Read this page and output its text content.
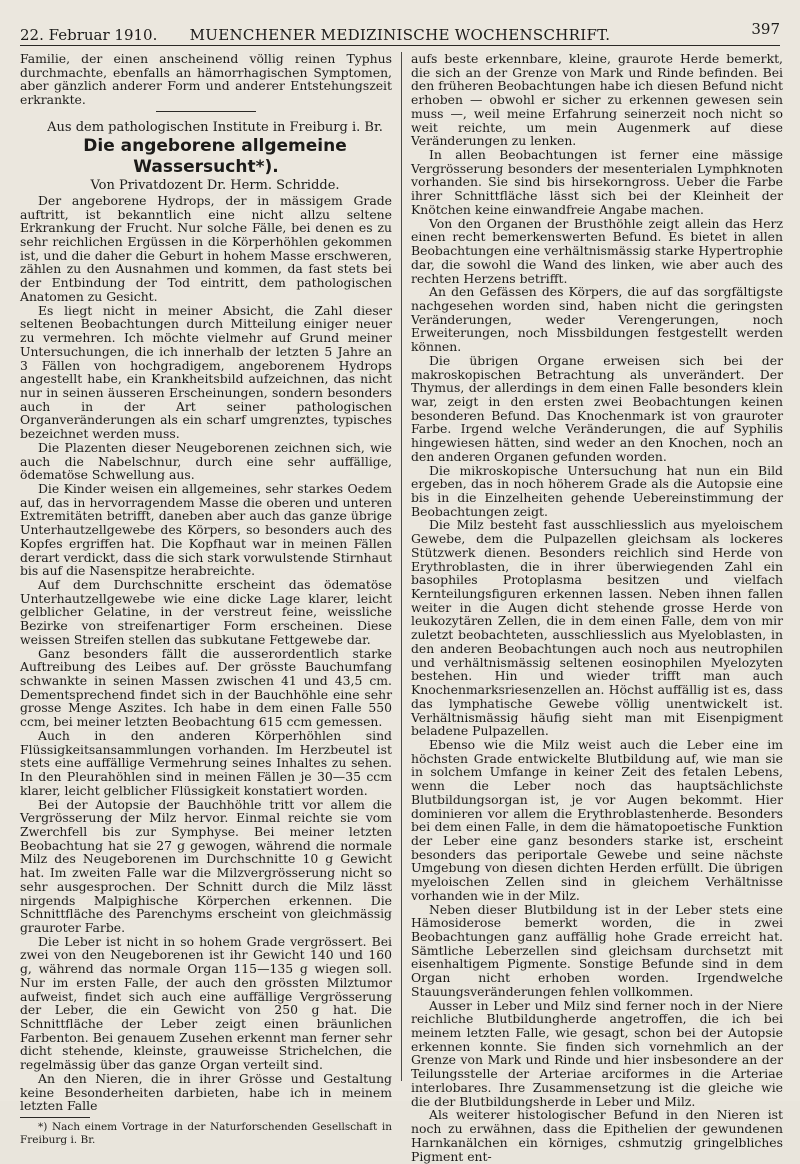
22. Februar 1910.	MUENCHENER MEDIZINISCHE WOCHENSCHRIFT.	397

Familie, der einen anscheinend völlig reinen Typhus durchmachte, ebenfalls an hämorrhagischen Symptomen, aber gänzlich anderer Form und anderer Entstehungszeit erkrankte.

Aus dem pathologischen Institute in Freiburg i. Br.

Die angeborene allgemeine Wassersucht*).

Von Privatdozent Dr. Herm. Schridde.

Der angeborene Hydrops, der in mässigem Grade auftritt, ist bekanntlich eine nicht allzu seltene Erkrankung der Frucht. Nur solche Fälle, bei denen es zu sehr reichlichen Ergüssen in die Körperhöhlen gekommen ist, und die daher die Geburt in hohem Masse erschweren, zählen zu den Ausnahmen und kommen, da fast stets bei der Entbindung der Tod eintritt, dem pathologischen Anatomen zu Gesicht.

Es liegt nicht in meiner Absicht, die Zahl dieser seltenen Beobachtungen durch Mitteilung einiger neuer zu vermehren. Ich möchte vielmehr auf Grund meiner Untersuchungen, die ich innerhalb der letzten 5 Jahre an 3 Fällen von hochgradigem, angeborenem Hydrops angestellt habe, ein Krankheitsbild aufzeichnen, das nicht nur in seinen äusseren Erscheinungen, sondern besonders auch in der Art seiner pathologischen Organveränderungen als ein scharf umgrenztes, typisches bezeichnet werden muss.

Die Plazenten dieser Neugeborenen zeichnen sich, wie auch die Nabelschnur, durch eine sehr auffällige, ödematöse Schwellung aus.

Die Kinder weisen ein allgemeines, sehr starkes Oedem auf, das in hervorragendem Masse die oberen und unteren Extremitäten betrifft, daneben aber auch das ganze übrige Unterhautzellgewebe des Körpers, so besonders auch des Kopfes ergriffen hat. Die Kopfhaut war in meinen Fällen derart verdickt, dass die sich stark vorwulstende Stirnhaut bis auf die Nasenspitze herabreichte.

Auf dem Durchschnitte erscheint das ödematöse Unterhautzellgewebe wie eine dicke Lage klarer, leicht gelblicher Gelatine, in der verstreut feine, weissliche Bezirke von streifenartiger Form erscheinen. Diese weissen Streifen stellen das subkutane Fettgewebe dar.

Ganz besonders fällt die ausserordentlich starke Auftreibung des Leibes auf. Der grösste Bauchumfang schwankte in seinen Massen zwischen 41 und 43,5 cm. Dementsprechend findet sich in der Bauchhöhle eine sehr grosse Menge Aszites. Ich habe in dem einen Falle 550 ccm, bei meiner letzten Beobachtung 615 ccm gemessen.

Auch in den anderen Körperhöhlen sind Flüssigkeitsansammlungen vorhanden. Im Herzbeutel ist stets eine auffällige Vermehrung seines Inhaltes zu sehen. In den Pleurahöhlen sind in meinen Fällen je 30—35 ccm klarer, leicht gelblicher Flüssigkeit konstatiert worden.

Bei der Autopsie der Bauchhöhle tritt vor allem die Vergrösserung der Milz hervor. Einmal reichte sie vom Zwerchfell bis zur Symphyse. Bei meiner letzten Beobachtung hat sie 27 g gewogen, während die normale Milz des Neugeborenen im Durchschnitte 10 g Gewicht hat. Im zweiten Falle war die Milzvergrösserung nicht so sehr ausgesprochen. Der Schnitt durch die Milz lässt nirgends Malpighische Körperchen erkennen. Die Schnittfläche des Parenchyms erscheint von gleichmässig grauroter Farbe.

Die Leber ist nicht in so hohem Grade vergrössert. Bei zwei von den Neugeborenen ist ihr Gewicht 140 und 160 g, während das normale Organ 115—135 g wiegen soll. Nur im ersten Falle, der auch den grössten Milztumor aufweist, findet sich auch eine auffällige Vergrösserung der Leber, die ein Gewicht von 250 g hat. Die Schnittfläche der Leber zeigt einen bräunlichen Farbenton. Bei genauem Zusehen erkennt man ferner sehr dicht stehende, kleinste, grauweisse Strichelchen, die regelmässig über das ganze Organ verteilt sind.

An den Nieren, die in ihrer Grösse und Gestaltung keine Besonderheiten darbieten, habe ich in meinem letzten Falle

*) Nach einem Vortrage in der Naturforschenden Gesellschaft in Freiburg i. Br.

aufs beste erkennbare, kleine, graurote Herde bemerkt, die sich an der Grenze von Mark und Rinde befinden. Bei den früheren Beobachtungen habe ich diesen Befund nicht erhoben — obwohl er sicher zu erkennen gewesen sein muss —, weil meine Erfahrung seinerzeit noch nicht so weit reichte, um mein Augenmerk auf diese Veränderungen zu lenken.

In allen Beobachtungen ist ferner eine mässige Vergrösserung besonders der mesenterialen Lymphknoten vorhanden. Sie sind bis hirsekorngross. Ueber die Farbe ihrer Schnittfläche lässt sich bei der Kleinheit der Knötchen keine einwandfreie Angabe machen.

Von den Organen der Brusthöhle zeigt allein das Herz einen recht bemerkenswerten Befund. Es bietet in allen Beobachtungen eine verhältnismässig starke Hypertrophie dar, die sowohl die Wand des linken, wie aber auch des rechten Herzens betrifft.

An den Gefässen des Körpers, die auf das sorgfältigste nachgesehen worden sind, haben nicht die geringsten Veränderungen, weder Verengerungen, noch Erweiterungen, noch Missbildungen festgestellt werden können.

Die übrigen Organe erweisen sich bei der makroskopischen Betrachtung als unverändert. Der Thymus, der allerdings in dem einen Falle besonders klein war, zeigt in den ersten zwei Beobachtungen keinen besonderen Befund. Das Knochenmark ist von grauroter Farbe. Irgend welche Veränderungen, die auf Syphilis hingewiesen hätten, sind weder an den Knochen, noch an den anderen Organen gefunden worden.

Die mikroskopische Untersuchung hat nun ein Bild ergeben, das in noch höherem Grade als die Autopsie eine bis in die Einzelheiten gehende Uebereinstimmung der Beobachtungen zeigt.

Die Milz besteht fast ausschliesslich aus myeloischem Gewebe, dem die Pulpazellen gleichsam als lockeres Stützwerk dienen. Besonders reichlich sind Herde von Erythroblasten, die in ihrer überwiegenden Zahl ein basophiles Protoplasma besitzen und vielfach Kernteilungsfiguren erkennen lassen. Neben ihnen fallen weiter in die Augen dicht stehende grosse Herde von leukozytären Zellen, die in dem einen Falle, dem von mir zuletzt beobachteten, ausschliesslich aus Myeloblasten, in den anderen Beobachtungen auch noch aus neutrophilen und verhältnismässig seltenen eosinophilen Myelozyten bestehen. Hin und wieder trifft man auch Knochenmarksriesenzellen an. Höchst auffällig ist es, dass das lymphatische Gewebe völlig unentwickelt ist. Verhältnismässig häufig sieht man mit Eisenpigment beladene Pulpazellen.

Ebenso wie die Milz weist auch die Leber eine im höchsten Grade entwickelte Blutbildung auf, wie man sie in solchem Umfange in keiner Zeit des fetalen Lebens, wenn die Leber noch das hauptsächlichste Blutbildungsorgan ist, je vor Augen bekommt. Hier dominieren vor allem die Erythroblastenherde. Besonders bei dem einen Falle, in dem die hämatopoetische Funktion der Leber eine ganz besonders starke ist, erscheint besonders das periportale Gewebe und seine nächste Umgebung von diesen dichten Herden erfüllt. Die übrigen myeloischen Zellen sind in gleichem Verhältnisse vorhanden wie in der Milz.

Neben dieser Blutbildung ist in der Leber stets eine Hämosiderose bemerkt worden, die in zwei Beobachtungen ganz auffällig hohe Grade erreicht hat. Sämtliche Leberzellen sind gleichsam durchsetzt mit eisenhaltigem Pigmente. Sonstige Befunde sind in dem Organ nicht erhoben worden. Irgendwelche Stauungsveränderungen fehlen vollkommen.

Ausser in Leber und Milz sind ferner noch in der Niere reichliche Blutbildungherde angetroffen, die ich bei meinem letzten Falle, wie gesagt, schon bei der Autopsie erkennen konnte. Sie finden sich vornehmlich an der Grenze von Mark und Rinde und hier insbesondere an der Teilungsstelle der Arteriae arciformes in die Arteriae interlobares. Ihre Zusammensetzung ist die gleiche wie die der Blutbildungsherde in Leber und Milz.

Als weiterer histologischer Befund in den Nieren ist noch zu erwähnen, dass die Epithelien der gewundenen Harnkanälchen ein körniges, cshmutzig gringelbliches Pigment ent-
